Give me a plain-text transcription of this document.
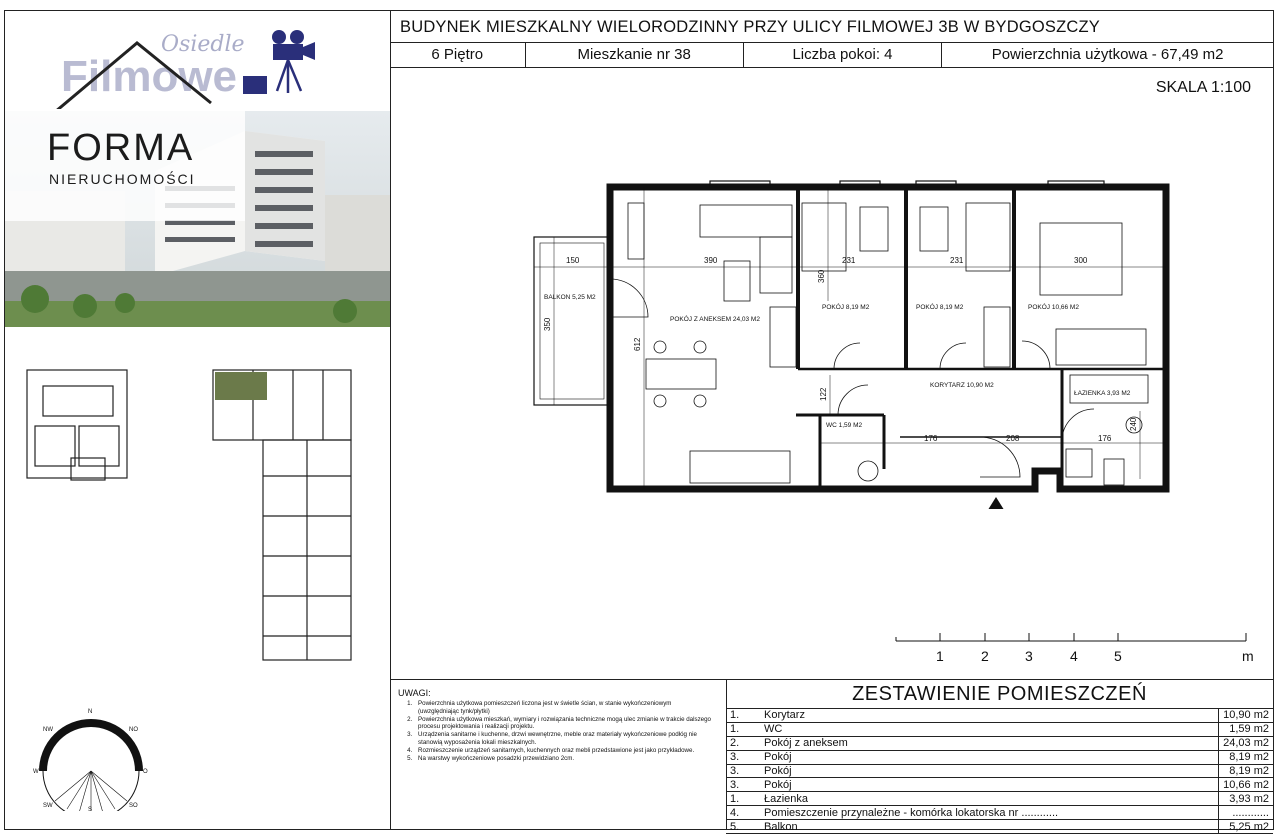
Osiedle
Filmowe
FORMA
NIERUCHOMOŚCI
N
NO
O
SO
S
SW
W
NW
BUDYNEK MIESZKALNY WIELORODZINNY PRZY ULICY FILMOWEJ 3B W BYDGOSZCZY
6 Piętro	Mieszkanie nr 38	Liczba pokoi: 4	Powierzchnia użytkowa - 67,49 m2
SKALA 1:100
BALKON 5,25 M2
POKÓJ Z ANEKSEM 24,03 M2
POKÓJ 8,19 M2	POKÓJ 8,19 M2	POKÓJ 10,66 M2
KORYTARZ 10,90 M2
ŁAZIENKA 3,93 M2
WC 1,59 M2
150	390	231	231	300
350
612
360
122
176	208	176
240
1	2	3	4	5	m
UWAGI:
1. Powierzchnia użytkowa pomieszczeń liczona jest w świetle ścian, w stanie wykończeniowym (uwzględniając tynk/płytki)
2. Powierzchnia użytkowa mieszkań, wymiary i rozwiązania techniczne mogą ulec zmianie w trakcie dalszego procesu projektowania i realizacji projektu.
3. Urządzenia sanitarne i kuchenne, drzwi wewnętrzne, meble oraz materiały wykończeniowe podłóg nie stanowią wyposażenia lokali mieszkalnych.
4. Rozmieszczenie urządzeń sanitarnych, kuchennych oraz mebli przedstawione jest jako przykładowe.
5. Na warstwy wykończeniowe posadzki przewidziano 2cm.
ZESTAWIENIE POMIESZCZEŃ
1.	Korytarz	10,90 m2
1.	WC	1,59 m2
2.	Pokój z aneksem	24,03 m2
3.	Pokój	8,19 m2
3.	Pokój	8,19 m2
3.	Pokój	10,66 m2
1.	Łazienka	3,93 m2
4.	Pomieszczenie przynależne - komórka lokatorska nr ............	............
5.	Balkon	5,25 m2
